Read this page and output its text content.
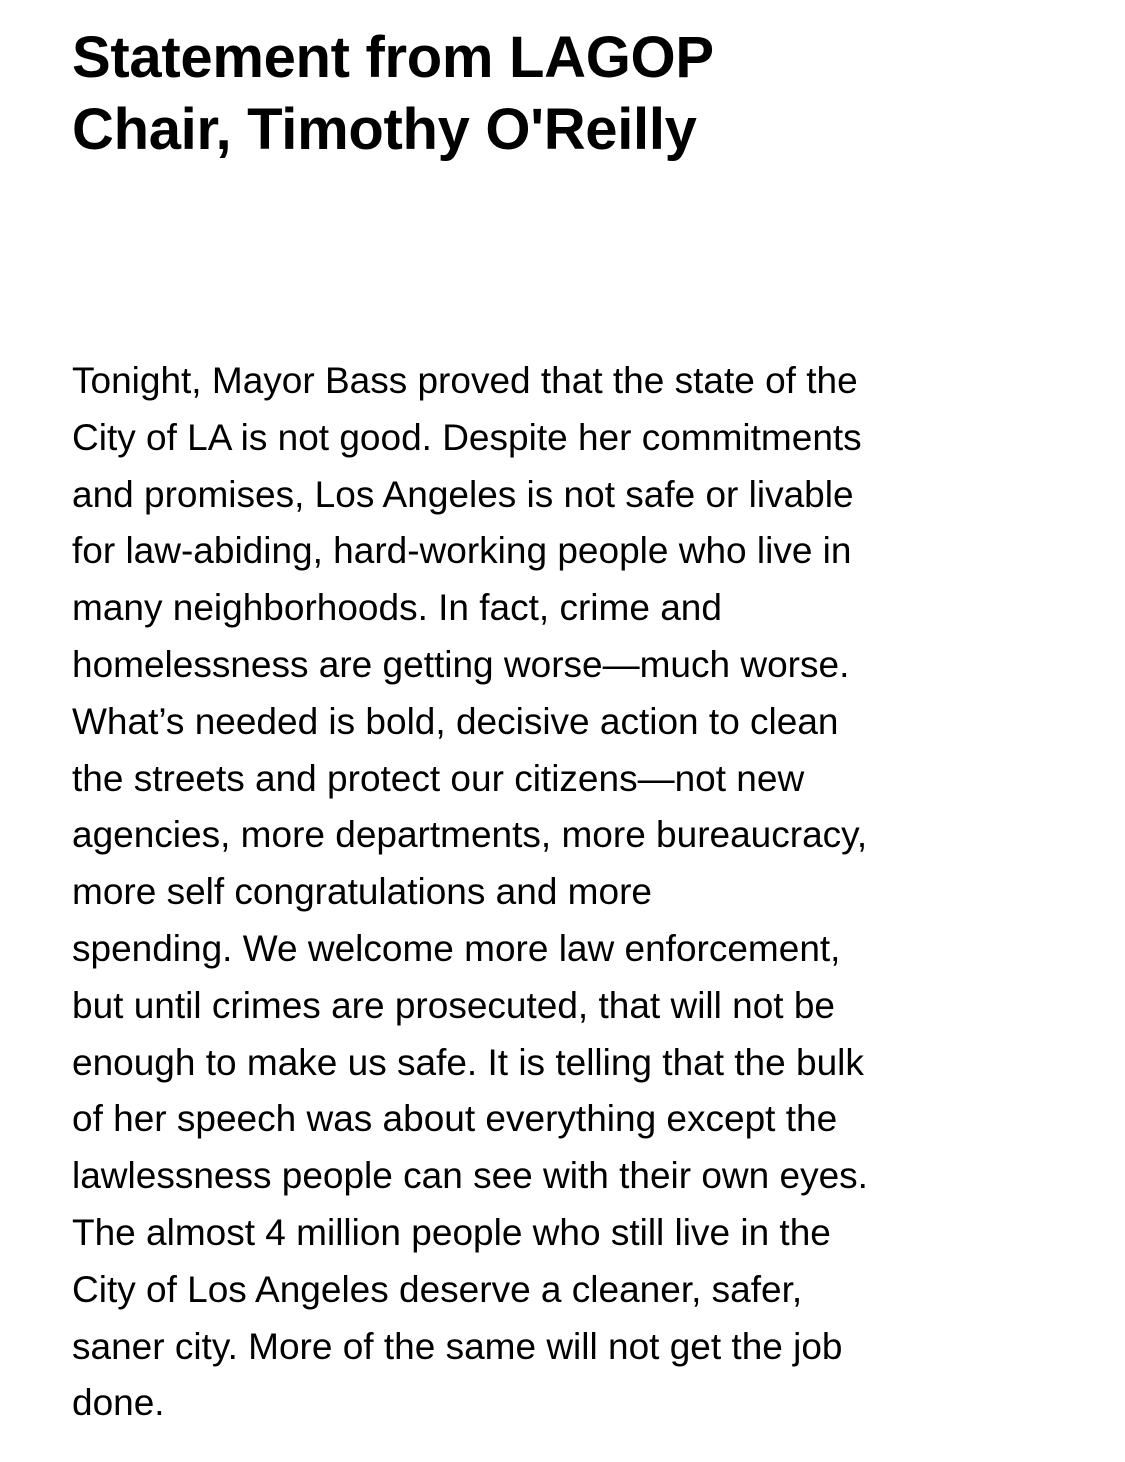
Statement from LAGOP
Chair, Timothy O'Reilly
Tonight, Mayor Bass proved that the state of the
City of LA is not good. Despite her commitments
and promises, Los Angeles is not safe or livable
for law-abiding, hard-working people who live in
many neighborhoods. In fact, crime and
homelessness are getting worse—much worse.
What’s needed is bold, decisive action to clean
the streets and protect our citizens—not new
agencies, more departments, more bureaucracy,
more self congratulations and more
spending. We welcome more law enforcement,
but until crimes are prosecuted, that will not be
enough to make us safe. It is telling that the bulk
of her speech was about everything except the
lawlessness people can see with their own eyes.
The almost 4 million people who still live in the
City of Los Angeles deserve a cleaner, safer,
saner city. More of the same will not get the job
done.
